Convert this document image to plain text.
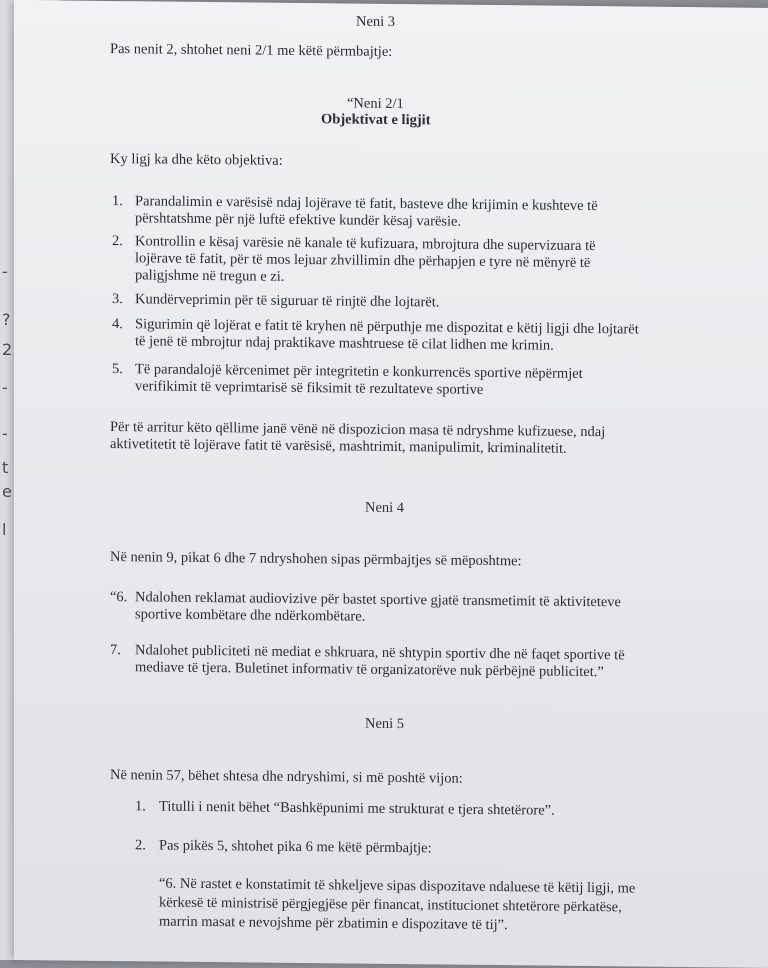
-
?
2
-
-
t
e
l
Neni 3
Pas nenit 2, shtohet neni 2/1 me këtë përmbajtje:
“Neni 2/1
Objektivat e ligjit
Ky ligj ka dhe këto objektiva:
1. Parandalimin e varësisë ndaj lojërave të fatit, basteve dhe krijimin e kushteve të
përshtatshme për një luftë efektive kundër kësaj varësie.
2. Kontrollin e kësaj varësie në kanale të kufizuara, mbrojtura dhe supervizuara të
lojërave të fatit, për të mos lejuar zhvillimin dhe përhapjen e tyre në mënyrë të
paligjshme në tregun e zi.
3. Kundërveprimin për të siguruar të rinjtë dhe lojtarët.
4. Sigurimin që lojërat e fatit të kryhen në përputhje me dispozitat e këtij ligji dhe lojtarët
të jenë të mbrojtur ndaj praktikave mashtruese të cilat lidhen me krimin.
5. Të parandalojë kërcenimet për integritetin e konkurrencës sportive nëpërmjet
verifikimit të veprimtarisë së fiksimit të rezultateve sportive
Për të arritur këto qëllime janë vënë në dispozicion masa të ndryshme kufizuese, ndaj
aktivetitetit të lojërave fatit të varësisë, mashtrimit, manipulimit, kriminalitetit.
Neni 4
Në nenin 9, pikat 6 dhe 7 ndryshohen sipas përmbajtjes së mëposhtme:
“6. Ndalohen reklamat audiovizive për bastet sportive gjatë transmetimit të aktiviteteve
sportive kombëtare dhe ndërkombëtare.
7. Ndalohet publiciteti në mediat e shkruara, në shtypin sportiv dhe në faqet sportive të
mediave të tjera. Buletinet informativ të organizatorëve nuk përbëjnë publicitet.”
Neni 5
Në nenin 57, bëhet shtesa dhe ndryshimi, si më poshtë vijon:
1. Titulli i nenit bëhet “Bashkëpunimi me strukturat e tjera shtetërore”.
2. Pas pikës 5, shtohet pika 6 me këtë përmbajtje:
“6. Në rastet e konstatimit të shkeljeve sipas dispozitave ndaluese të këtij ligji, me
kërkesë të ministrisë përgjegjëse për financat, institucionet shtetërore përkatëse,
marrin masat e nevojshme për zbatimin e dispozitave të tij”.
